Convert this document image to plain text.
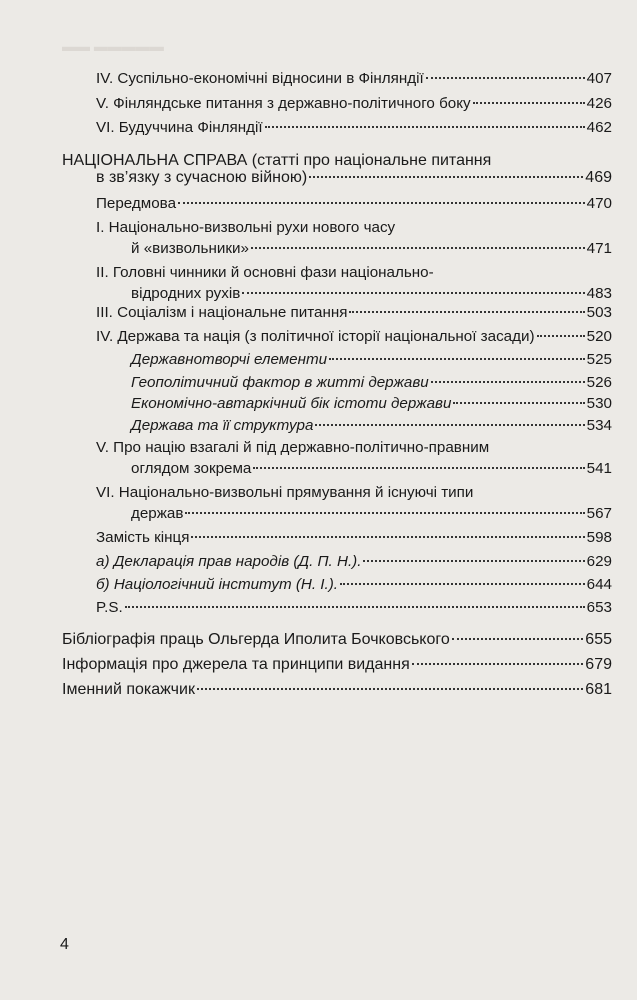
▬▬ ▬▬▬▬▬
IV. Суспільно-економічні відносини в Фінляндії	407
V. Фінляндське питання з державно-політичного боку	426
VI. Будуччина Фінляндії	462
НАЦІОНАЛЬНА СПРАВА (статті про національне питання
в зв’язку з сучасною війною)	469
Передмова	470
I. Національно-визвольні рухи нового часу
й «визвольники»	471
II. Головні чинники й основні фази національно-
відродних рухів	483
III. Соціалізм і національне питання	503
IV. Держава та нація (з політичної історії національної засади)	520
Державнотворчі елементи	525
Геополітичний фактор в житті держави	526
Економічно-автаркічний бік істоти держави	530
Держава та її структура	534
V. Про націю взагалі й під державно-політично-правним
оглядом зокрема	541
VI. Національно-визвольні прямування й існуючі типи
держав	567
Замість кінця	598
а) Декларація прав народів (Д. П. Н.).	629
б) Націологічний інститут (Н. І.).	644
P.S.	653
Бібліографія праць Ольгерда Иполита Бочковського	655
Інформація про джерела та принципи видання	679
Іменний покажчик	681
4
